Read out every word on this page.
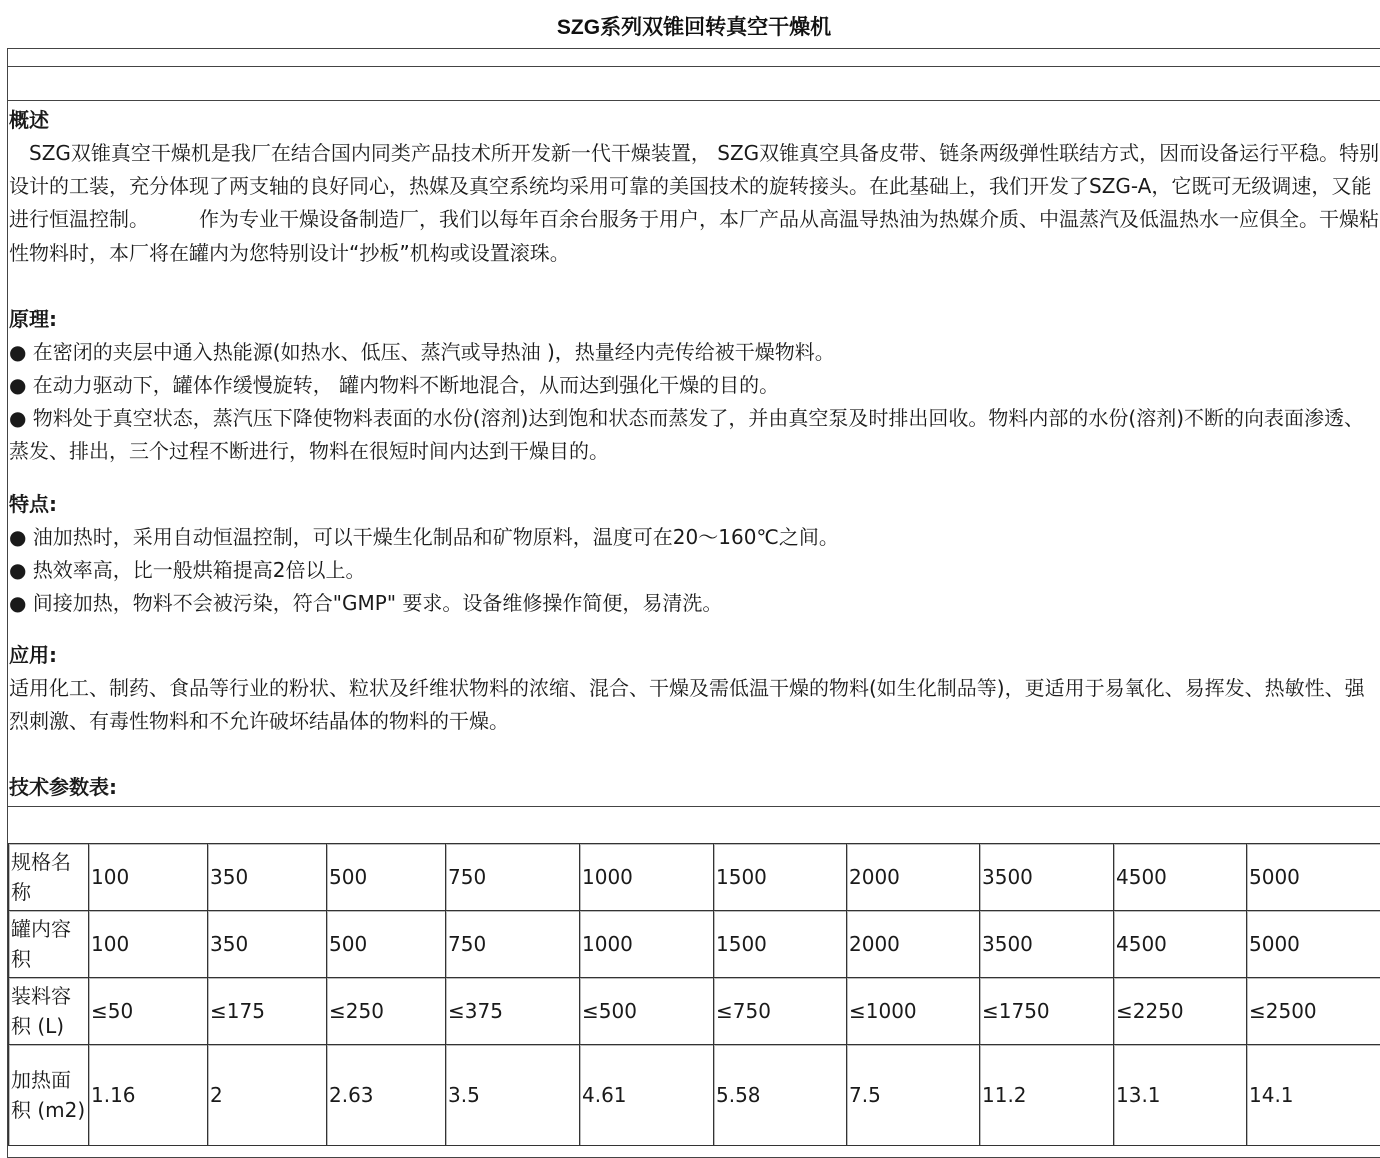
SZG系列双锥回转真空干燥机
概述

　SZG双锥真空干燥机是我厂在结合国内同类产品技术所开发新一代干燥装置， SZG双锥真空具备皮带、链条两级弹性联结方式，因而设备运行平稳。特别设计的工装，充分体现了两支轴的良好同心，热媒及真空系统均采用可靠的美国技术的旋转接头。在此基础上，我们开发了SZG-A，它既可无级调速，又能进行恒温控制。　　　作为专业干燥设备制造厂，我们以每年百余台服务于用户，本厂产品从高温导热油为热媒介质、中温蒸汽及低温热水一应俱全。干燥粘性物料时，本厂将在罐内为您特别设计“抄板”机构或设置滚珠。

原理:

● 在密闭的夹层中通入热能源(如热水、低压、蒸汽或导热油 )，热量经内壳传给被干燥物料。

● 在动力驱动下，罐体作缓慢旋转， 罐内物料不断地混合，从而达到强化干燥的目的。

● 物料处于真空状态，蒸汽压下降使物料表面的水份(溶剂)达到饱和状态而蒸发了，并由真空泵及时排出回收。物料内部的水份(溶剂)不断的向表面渗透、蒸发、排出，三个过程不断进行，物料在很短时间内达到干燥目的。

特点:

● 油加热时，采用自动恒温控制，可以干燥生化制品和矿物原料，温度可在20～160℃之间。

● 热效率高，比一般烘箱提高2倍以上。

● 间接加热，物料不会被污染，符合"GMP" 要求。设备维修操作简便，易清洗。

应用:

适用化工、制药、食品等行业的粉状、粒状及纤维状物料的浓缩、混合、干燥及需低温干燥的物料(如生化制品等)，更适用于易氧化、易挥发、热敏性、强烈刺激、有毒性物料和不允许破坏结晶体的物料的干燥。

技术参数表:
规格名称	100	350	500	750	1000	1500	2000	3500	4500	5000
罐内容积	100	350	500	750	1000	1500	2000	3500	4500	5000
装料容积 (L)	≤50	≤175	≤250	≤375	≤500	≤750	≤1000	≤1750	≤2250	≤2500
加热面积 (m2)	1.16	2	2.63	3.5	4.61	5.58	7.5	11.2	13.1	14.1
